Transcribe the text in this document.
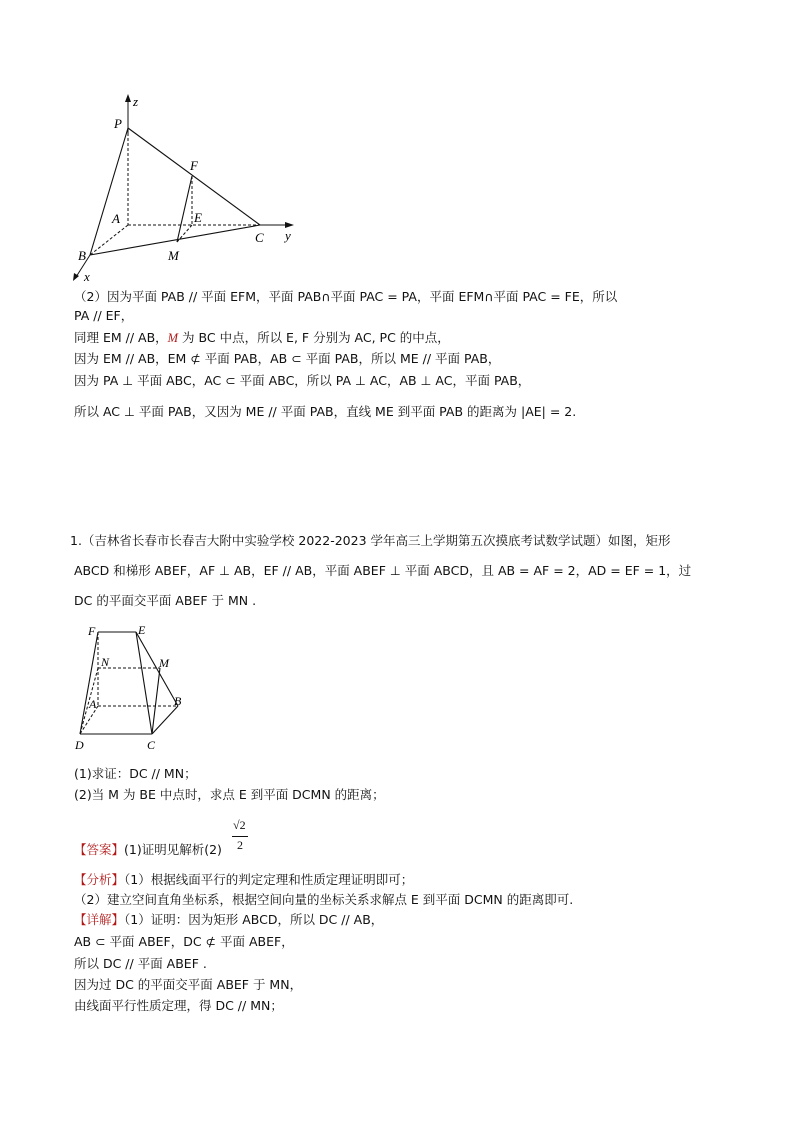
z
P
F
A	E
C y
B	M
x
（2）因为平面 PAB // 平面 EFM，平面 PAB∩平面 PAC = PA，平面 EFM∩平面 PAC = FE，所以
PA // EF，
同理 EM // AB，M 为 BC 中点，所以 E, F 分别为 AC, PC 的中点，
因为 EM // AB，EM ⊄ 平面 PAB，AB ⊂ 平面 PAB，所以 ME // 平面 PAB，
因为 PA ⊥ 平面 ABC，AC ⊂ 平面 ABC，所以 PA ⊥ AC，AB ⊥ AC，平面 PAB，
所以 AC ⊥ 平面 PAB，又因为 ME // 平面 PAB，直线 ME 到平面 PAB 的距离为 |AE| = 2.
1.（吉林省长春市长春吉大附中实验学校 2022-2023 学年高三上学期第五次摸底考试数学试题）如图，矩形
ABCD 和梯形 ABEF，AF ⊥ AB，EF // AB，平面 ABEF ⊥ 平面 ABCD，且 AB = AF = 2，AD = EF = 1，过
DC 的平面交平面 ABEF 于 MN .
F	E
N	M
A	B
D	C
(1)求证：DC // MN；
(2)当 M 为 BE 中点时，求点 E 到平面 DCMN 的距离；
【答案】(1)证明见解析(2)
√2
2
【分析】（1）根据线面平行的判定定理和性质定理证明即可；
（2）建立空间直角坐标系，根据空间向量的坐标关系求解点 E 到平面 DCMN 的距离即可.
【详解】（1）证明：因为矩形 ABCD，所以 DC // AB，
AB ⊂ 平面 ABEF，DC ⊄ 平面 ABEF，
所以 DC // 平面 ABEF .
因为过 DC 的平面交平面 ABEF 于 MN，
由线面平行性质定理，得 DC // MN；
